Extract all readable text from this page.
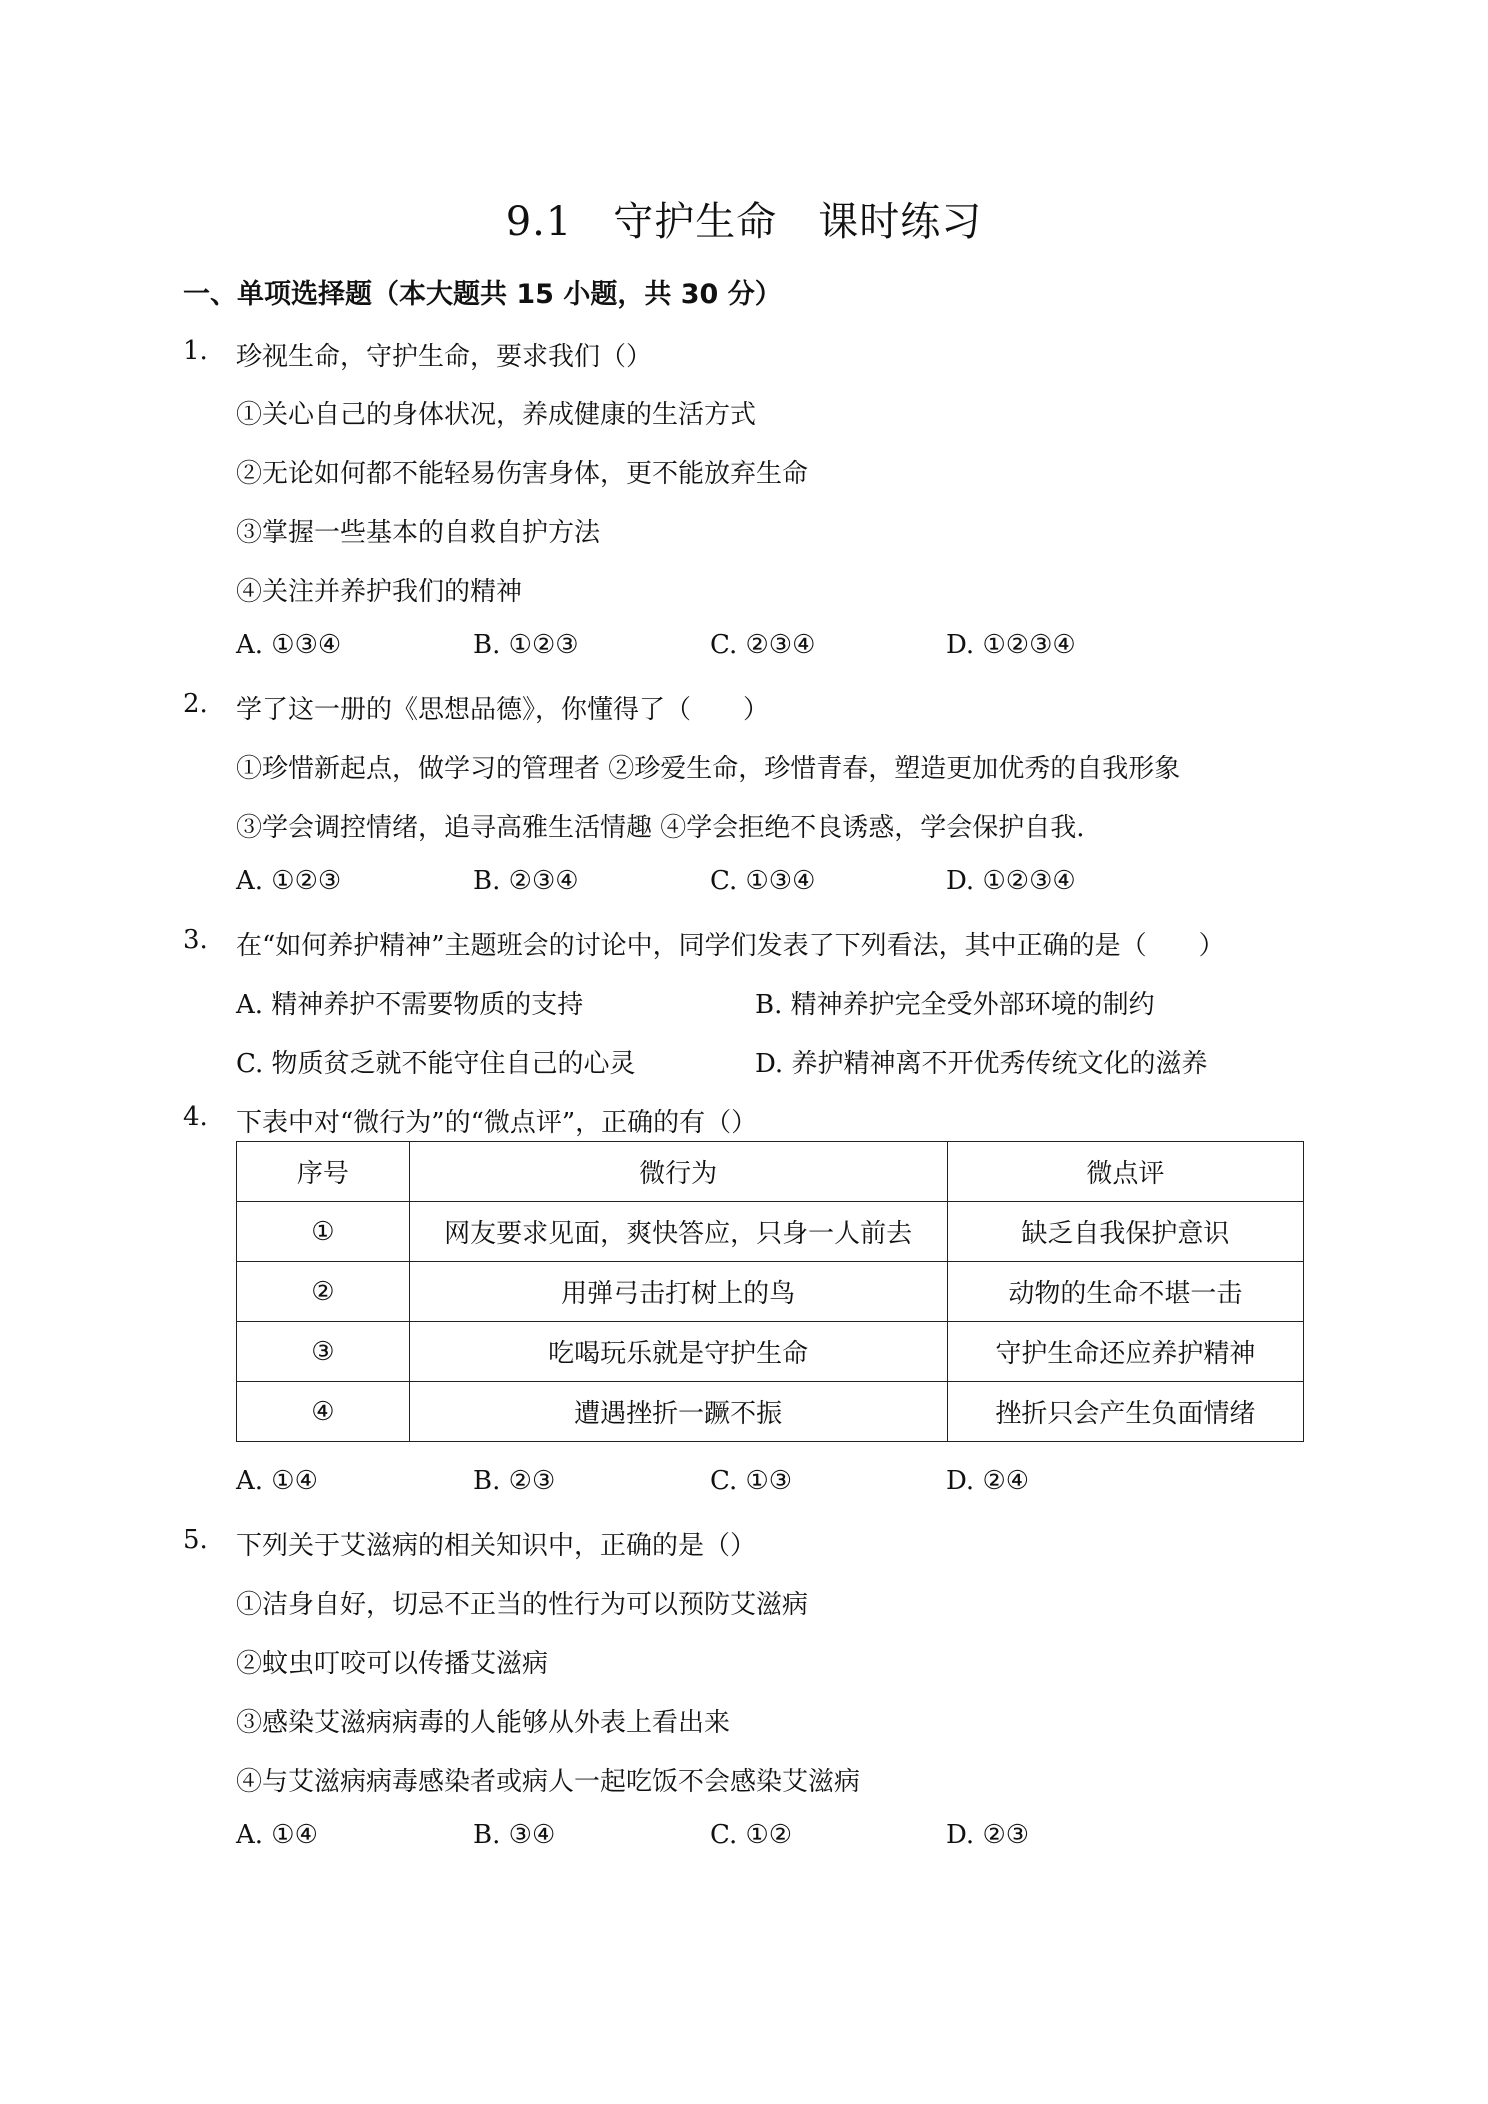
9.1　守护生命　课时练习
一、单项选择题（本大题共 15 小题，共 30 分）
1. 珍视生命，守护生命，要求我们（）
①关心自己的身体状况，养成健康的生活方式
②无论如何都不能轻易伤害身体，更不能放弃生命
③掌握一些基本的自救自护方法
④关注并养护我们的精神
A. ①③④	B. ①②③	C. ②③④	D. ①②③④
2. 学了这一册的《思想品德》，你懂得了（　　）
①珍惜新起点，做学习的管理者 ②珍爱生命，珍惜青春，塑造更加优秀的自我形象
③学会调控情绪，追寻高雅生活情趣 ④学会拒绝不良诱惑，学会保护自我.
A. ①②③	B. ②③④	C. ①③④	D. ①②③④
3. 在“如何养护精神”主题班会的讨论中，同学们发表了下列看法，其中正确的是（　　）
A. 精神养护不需要物质的支持	B. 精神养护完全受外部环境的制约
C. 物质贫乏就不能守住自己的心灵	D. 养护精神离不开优秀传统文化的滋养
4. 下表中对“微行为”的“微点评”，正确的有（）
序号	微行为	微点评
①	网友要求见面，爽快答应，只身一人前去	缺乏自我保护意识
②	用弹弓击打树上的鸟	动物的生命不堪一击
③	吃喝玩乐就是守护生命	守护生命还应养护精神
④	遭遇挫折一蹶不振	挫折只会产生负面情绪
A. ①④	B. ②③	C. ①③	D. ②④
5. 下列关于艾滋病的相关知识中，正确的是（）
①洁身自好，切忌不正当的性行为可以预防艾滋病
②蚊虫叮咬可以传播艾滋病
③感染艾滋病病毒的人能够从外表上看出来
④与艾滋病病毒感染者或病人一起吃饭不会感染艾滋病
A. ①④	B. ③④	C. ①②	D. ②③
